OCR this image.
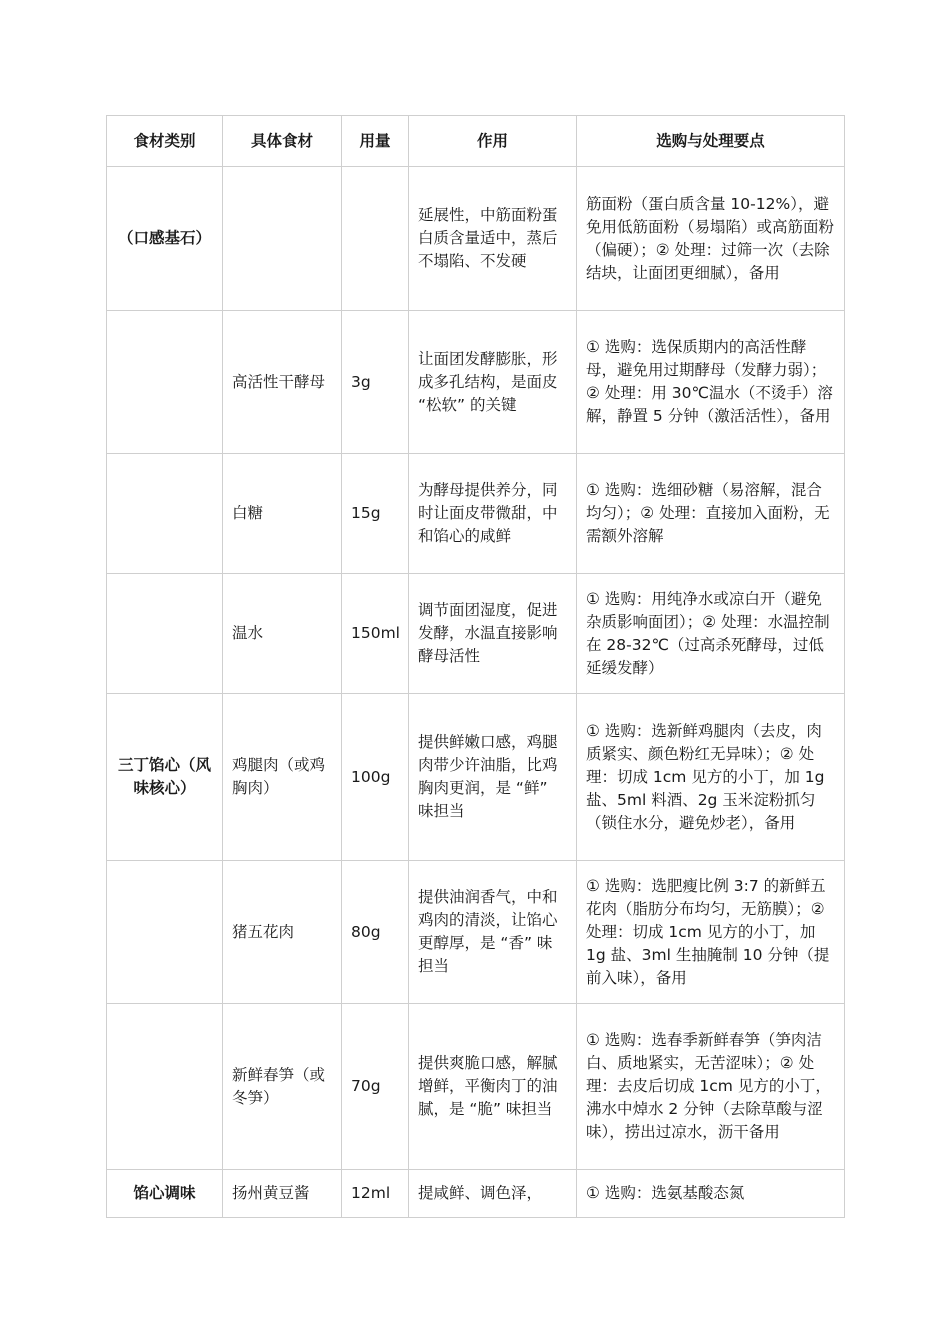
食材类别	具体食材	用量	作用	选购与处理要点
（口感基石）			延展性，中筋面粉蛋白质含量适中，蒸后不塌陷、不发硬	筋面粉（蛋白质含量 10-12%），避免用低筋面粉（易塌陷）或高筋面粉（偏硬）；② 处理：过筛一次（去除结块，让面团更细腻），备用
	高活性干酵母	3g	让面团发酵膨胀，形成多孔结构，是面皮 “松软” 的关键	① 选购：选保质期内的高活性酵母，避免用过期酵母（发酵力弱）；② 处理：用 30℃温水（不烫手）溶解，静置 5 分钟（激活活性），备用
	白糖	15g	为酵母提供养分，同时让面皮带微甜，中和馅心的咸鲜	① 选购：选细砂糖（易溶解，混合均匀）；② 处理：直接加入面粉，无需额外溶解
	温水	150ml	调节面团湿度，促进发酵，水温直接影响酵母活性	① 选购：用纯净水或凉白开（避免杂质影响面团）；② 处理：水温控制在 28-32℃（过高杀死酵母，过低延缓发酵）
三丁馅心（风味核心）	鸡腿肉（或鸡胸肉）	100g	提供鲜嫩口感，鸡腿肉带少许油脂，比鸡胸肉更润，是 “鲜” 味担当	① 选购：选新鲜鸡腿肉（去皮，肉质紧实、颜色粉红无异味）；② 处理：切成 1cm 见方的小丁，加 1g 盐、5ml 料酒、2g 玉米淀粉抓匀（锁住水分，避免炒老），备用
	猪五花肉	80g	提供油润香气，中和鸡肉的清淡，让馅心更醇厚，是 “香” 味担当	① 选购：选肥瘦比例 3:7 的新鲜五花肉（脂肪分布均匀，无筋膜）；② 处理：切成 1cm 见方的小丁，加 1g 盐、3ml 生抽腌制 10 分钟（提前入味），备用
	新鲜春笋（或冬笋）	70g	提供爽脆口感，解腻增鲜，平衡肉丁的油腻，是 “脆” 味担当	① 选购：选春季新鲜春笋（笋肉洁白、质地紧实，无苦涩味）；② 处理：去皮后切成 1cm 见方的小丁，沸水中焯水 2 分钟（去除草酸与涩味），捞出过凉水，沥干备用
馅心调味	扬州黄豆酱	12ml	提咸鲜、调色泽，	① 选购：选氨基酸态氮
